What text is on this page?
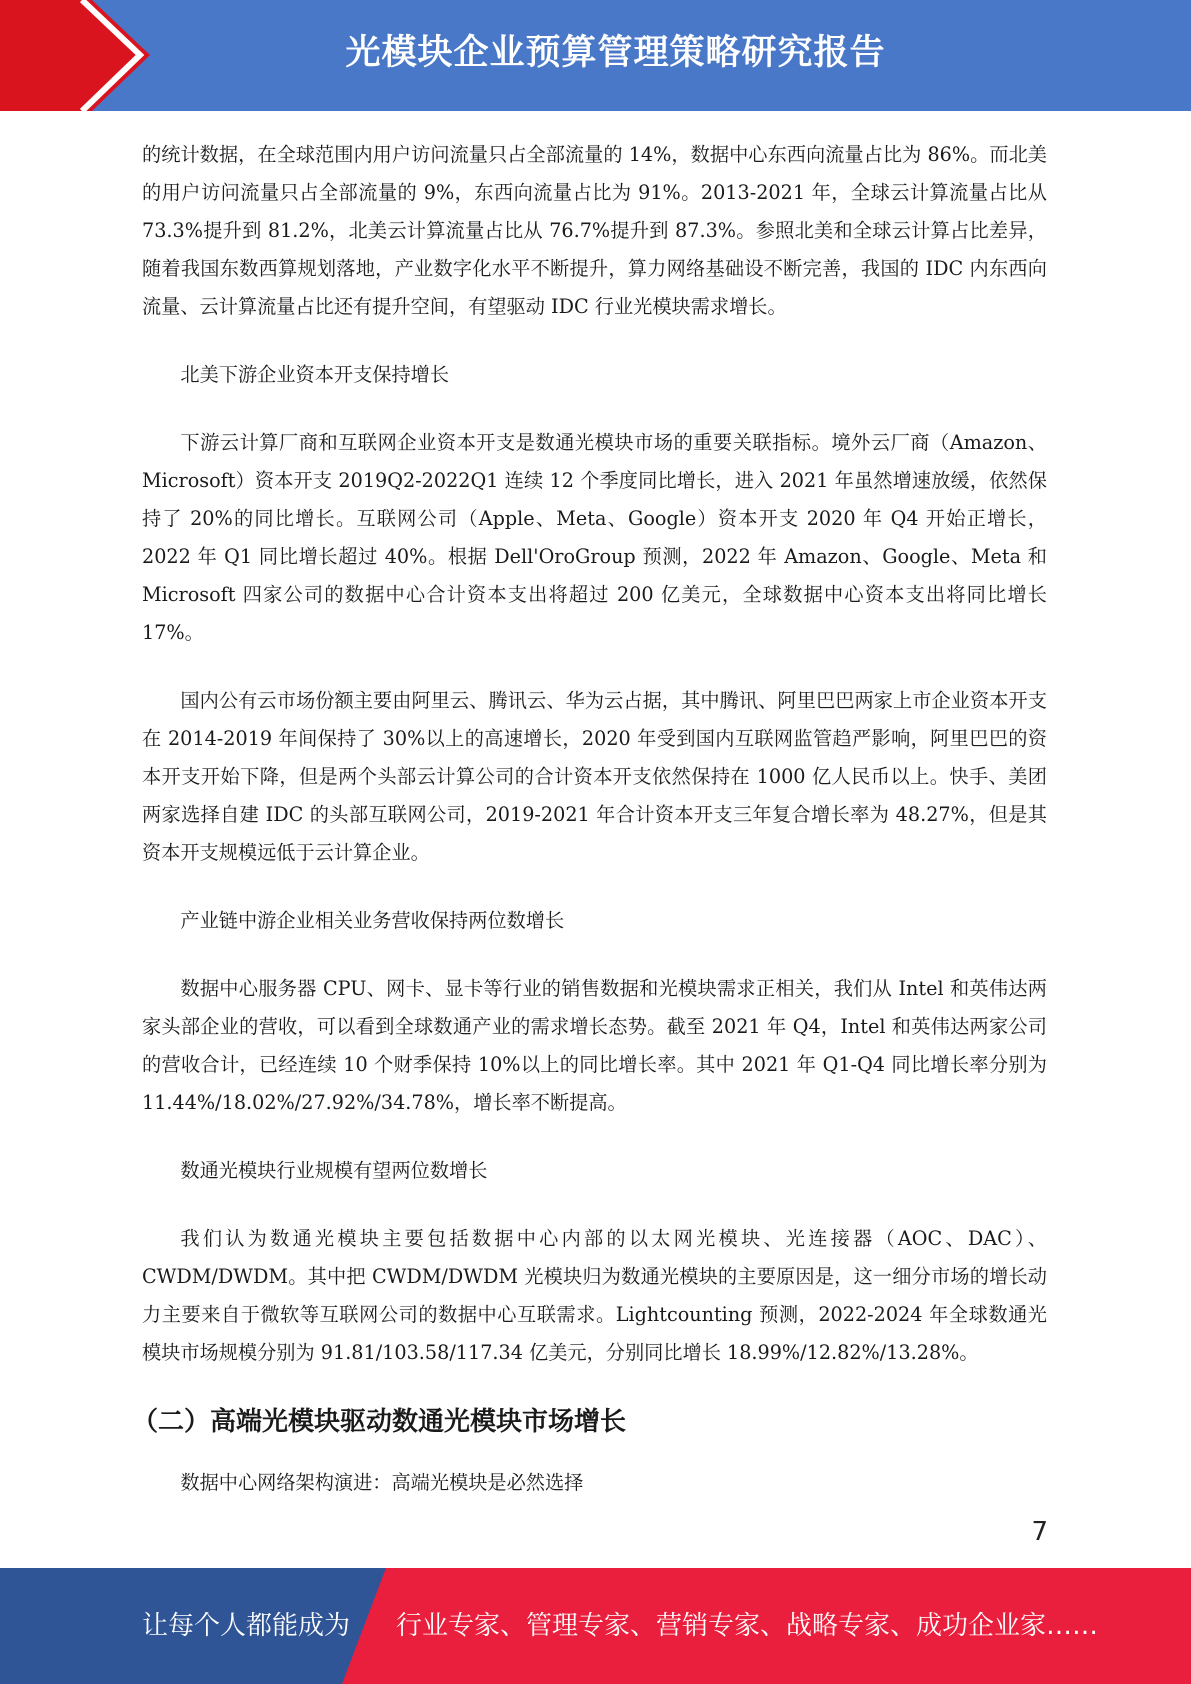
光模块企业预算管理策略研究报告

的统计数据，在全球范围内用户访问流量只占全部流量的 14%，数据中心东西向流量占比为 86%。而北美的用户访问流量只占全部流量的 9%，东西向流量占比为 91%。2013-2021 年，全球云计算流量占比从 73.3%提升到 81.2%，北美云计算流量占比从 76.7%提升到 87.3%。参照北美和全球云计算占比差异，随着我国东数西算规划落地，产业数字化水平不断提升，算力网络基础设不断完善，我国的 IDC 内东西向流量、云计算流量占比还有提升空间，有望驱动 IDC 行业光模块需求增长。

北美下游企业资本开支保持增长

下游云计算厂商和互联网企业资本开支是数通光模块市场的重要关联指标。境外云厂商（Amazon、Microsoft）资本开支 2019Q2-2022Q1 连续 12 个季度同比增长，进入 2021 年虽然增速放缓，依然保持了 20%的同比增长。互联网公司（Apple、Meta、Google）资本开支 2020 年 Q4 开始正增长，2022 年 Q1 同比增长超过 40%。根据 Dell'OroGroup 预测，2022 年 Amazon、Google、Meta 和 Microsoft 四家公司的数据中心合计资本支出将超过 200 亿美元，全球数据中心资本支出将同比增长 17%。

国内公有云市场份额主要由阿里云、腾讯云、华为云占据，其中腾讯、阿里巴巴两家上市企业资本开支在 2014-2019 年间保持了 30%以上的高速增长，2020 年受到国内互联网监管趋严影响，阿里巴巴的资本开支开始下降，但是两个头部云计算公司的合计资本开支依然保持在 1000 亿人民币以上。快手、美团两家选择自建 IDC 的头部互联网公司，2019-2021 年合计资本开支三年复合增长率为 48.27%，但是其资本开支规模远低于云计算企业。

产业链中游企业相关业务营收保持两位数增长

数据中心服务器 CPU、网卡、显卡等行业的销售数据和光模块需求正相关，我们从 Intel 和英伟达两家头部企业的营收，可以看到全球数通产业的需求增长态势。截至 2021 年 Q4，Intel 和英伟达两家公司的营收合计，已经连续 10 个财季保持 10%以上的同比增长率。其中 2021 年 Q1-Q4 同比增长率分别为 11.44%/18.02%/27.92%/34.78%，增长率不断提高。

数通光模块行业规模有望两位数增长

我们认为数通光模块主要包括数据中心内部的以太网光模块、光连接器（AOC、DAC）、CWDM/DWDM。其中把 CWDM/DWDM 光模块归为数通光模块的主要原因是，这一细分市场的增长动力主要来自于微软等互联网公司的数据中心互联需求。Lightcounting 预测，2022-2024 年全球数通光模块市场规模分别为 91.81/103.58/117.34 亿美元，分别同比增长 18.99%/12.82%/13.28%。

（二）高端光模块驱动数通光模块市场增长

数据中心网络架构演进：高端光模块是必然选择

7
让每个人都能成为 行业专家、管理专家、营销专家、战略专家、成功企业家……
